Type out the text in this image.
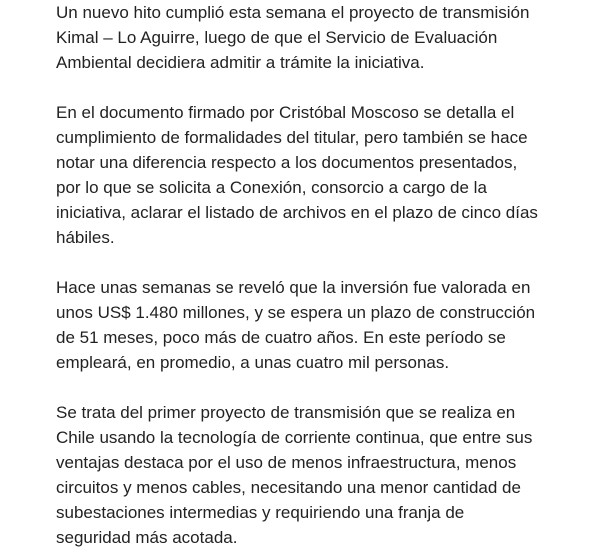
Un nuevo hito cumplió esta semana el proyecto de transmisión
Kimal – Lo Aguirre, luego de que el Servicio de Evaluación
Ambiental decidiera admitir a trámite la iniciativa.

En el documento firmado por Cristóbal Moscoso se detalla el
cumplimiento de formalidades del titular, pero también se hace
notar una diferencia respecto a los documentos presentados,
por lo que se solicita a Conexión, consorcio a cargo de la
iniciativa, aclarar el listado de archivos en el plazo de cinco días
hábiles.

Hace unas semanas se reveló que la inversión fue valorada en
unos US$ 1.480 millones, y se espera un plazo de construcción
de 51 meses, poco más de cuatro años. En este período se
empleará, en promedio, a unas cuatro mil personas.

Se trata del primer proyecto de transmisión que se realiza en
Chile usando la tecnología de corriente continua, que entre sus
ventajas destaca por el uso de menos infraestructura, menos
circuitos y menos cables, necesitando una menor cantidad de
subestaciones intermedias y requiriendo una franja de
seguridad más acotada.
